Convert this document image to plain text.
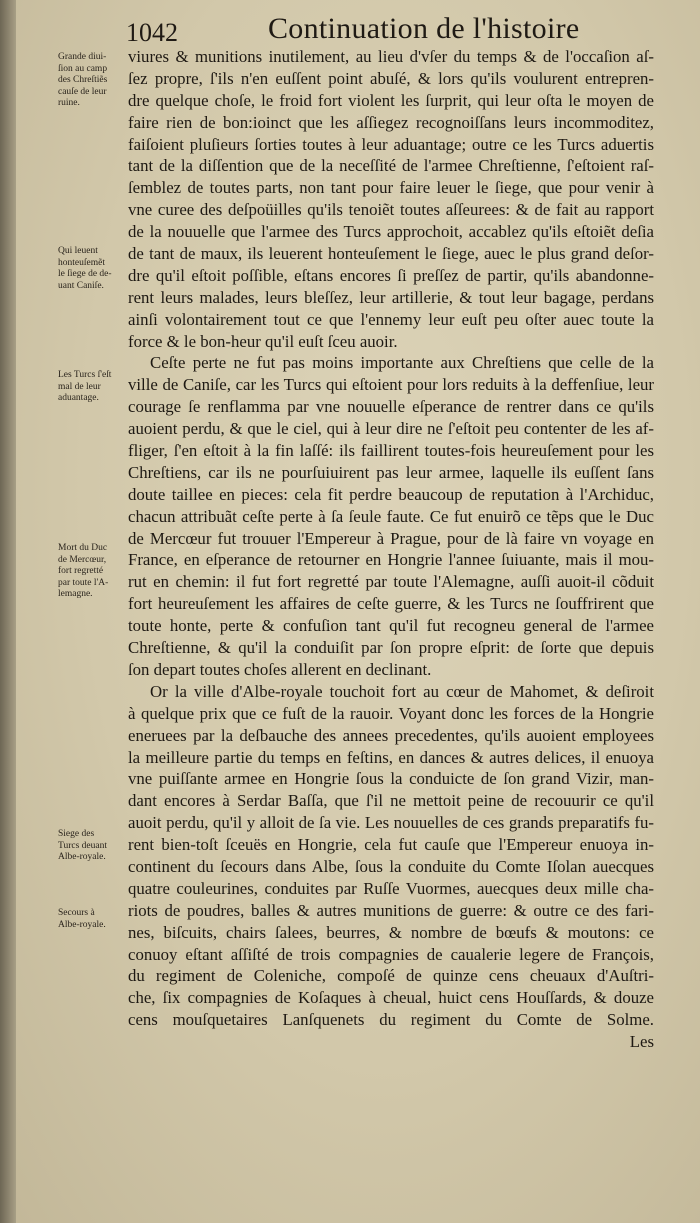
1042	Continuation de l'histoire
Grande diui-
ſion au camp
des Chreſtiẽs
cauſe de leur
ruine.
Qui leuent
honteuſemẽt
le ſiege de de-
uant Caniſe.
Les Turcs ſ'eſt
mal de leur
aduantage.
Mort du Duc
de Mercœur,
fort regretté
par toute l'A-
lemagne.
Siege des
Turcs deuant
Albe-royale.
Secours à
Albe-royale.
viures & munitions inutilement, au lieu d'vſer du temps & de l'occaſion aſ-
ſez propre, ſ'ils n'en euſſent point abuſé, & lors qu'ils voulurent entrepren-
dre quelque choſe, le froid fort violent les ſurprit, qui leur oſta le moyen de
faire rien de bon:ioinct que les aſſiegez recognoiſſans leurs incommoditez,
faiſoient pluſieurs ſorties toutes à leur aduantage; outre ce les Turcs aduertis
tant de la diſſention que de la neceſſité de l'armee Chreſtienne, ſ'eſtoient raſ-
ſemblez de toutes parts, non tant pour faire leuer le ſiege, que pour venir à
vne curee des deſpoüilles qu'ils tenoiẽt toutes aſſeurees: & de fait au rapport
de la nouuelle que l'armee des Turcs approchoit, accablez qu'ils eſtoiẽt deſia
de tant de maux, ils leuerent honteuſement le ſiege, auec le plus grand deſor-
dre qu'il eſtoit poſſible, eſtans encores ſi preſſez de partir, qu'ils abandonne-
rent leurs malades, leurs bleſſez, leur artillerie, & tout leur bagage, perdans
ainſi volontairement tout ce que l'ennemy leur euſt peu oſter auec toute la
force & le bon-heur qu'il euſt ſceu auoir.
Ceſte perte ne fut pas moins importante aux Chreſtiens que celle de la
ville de Caniſe, car les Turcs qui eſtoient pour lors reduits à la deffenſiue, leur
courage ſe renflamma par vne nouuelle eſperance de rentrer dans ce qu'ils
auoient perdu, & que le ciel, qui à leur dire ne ſ'eſtoit peu contenter de les af-
fliger, ſ'en eſtoit à la fin laſſé: ils faillirent toutes-fois heureuſement pour les
Chreſtiens, car ils ne pourſuiuirent pas leur armee, laquelle ils euſſent ſans
doute taillee en pieces: cela fit perdre beaucoup de reputation à l'Archiduc,
chacun attribuãt ceſte perte à ſa ſeule faute. Ce fut enuirõ ce tẽps que le Duc
de Mercœur fut trouuer l'Empereur à Prague, pour de là faire vn voyage en
France, en eſperance de retourner en Hongrie l'annee ſuiuante, mais il mou-
rut en chemin: il fut fort regretté par toute l'Alemagne, auſſi auoit-il cõduit
fort heureuſement les affaires de ceſte guerre, & les Turcs ne ſouffrirent que
toute honte, perte & confuſion tant qu'il fut recogneu general de l'armee
Chreſtienne, & qu'il la conduiſit par ſon propre eſprit: de ſorte que depuis
ſon depart toutes choſes allerent en declinant.
Or la ville d'Albe-royale touchoit fort au cœur de Mahomet, & deſiroit
à quelque prix que ce fuſt de la rauoir. Voyant donc les forces de la Hongrie
eneruees par la deſbauche des annees precedentes, qu'ils auoient employees
la meilleure partie du temps en feſtins, en dances & autres delices, il enuoya
vne puiſſante armee en Hongrie ſous la conduicte de ſon grand Vizir, man-
dant encores à Serdar Baſſa, que ſ'il ne mettoit peine de recouurir ce qu'il
auoit perdu, qu'il y alloit de ſa vie. Les nouuelles de ces grands preparatifs fu-
rent bien-toſt ſceuës en Hongrie, cela fut cauſe que l'Empereur enuoya in-
continent du ſecours dans Albe, ſous la conduite du Comte Iſolan auecques
quatre couleurines, conduites par Ruſſe Vuormes, auecques deux mille cha-
riots de poudres, balles & autres munitions de guerre: & outre ce des fari-
nes, biſcuits, chairs ſalees, beurres, & nombre de bœufs & moutons: ce
conuoy eſtant aſſiſté de trois compagnies de caualerie legere de François,
du regiment de Coleniche, compoſé de quinze cens cheuaux d'Auſtri-
che, ſix compagnies de Koſaques à cheual, huict cens Houſſards, & douze
cens mouſquetaires Lanſquenets du regiment du Comte de Solme.
Les
